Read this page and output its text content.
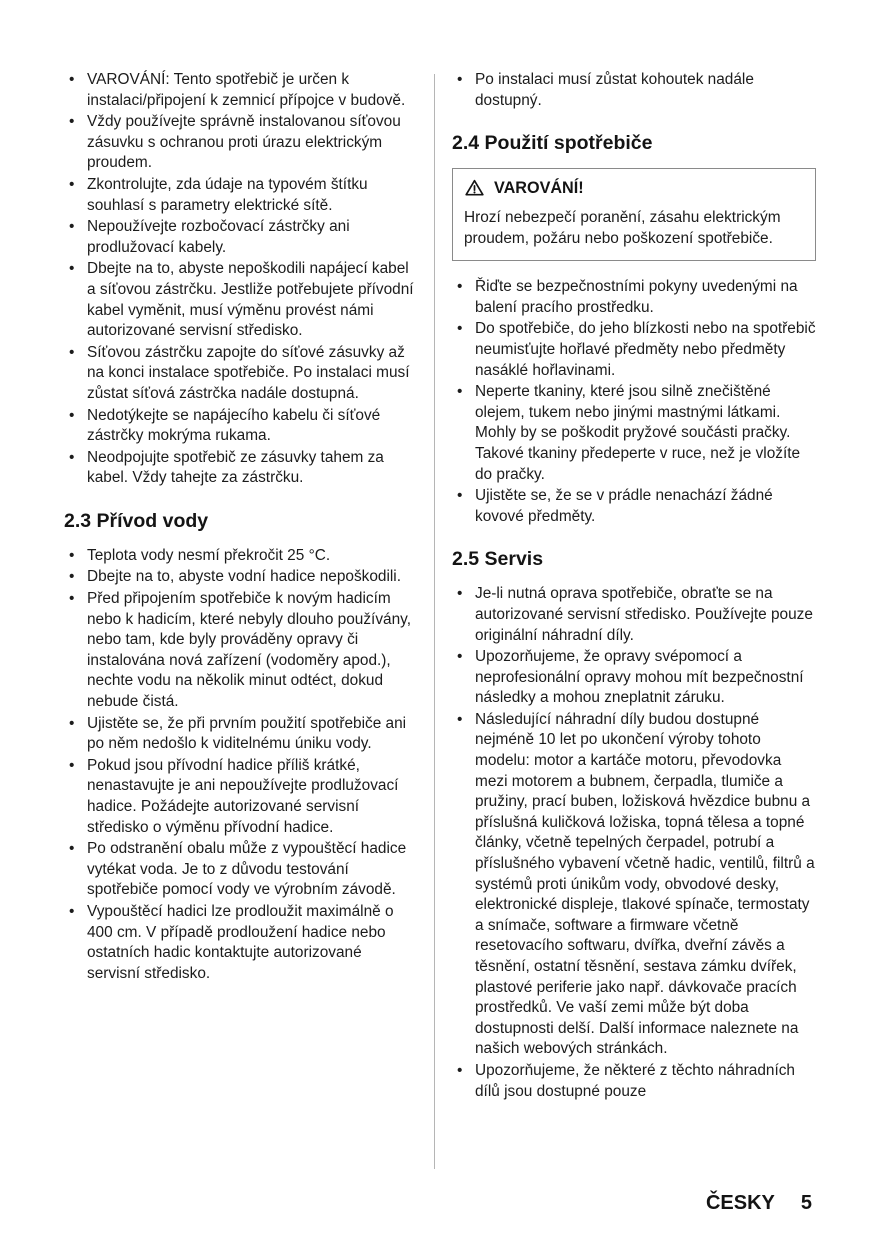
• VAROVÁNÍ: Tento spotřebič je určen k instalaci/připojení k zemnicí přípojce v budově.
• Vždy používejte správně instalovanou síťovou zásuvku s ochranou proti úrazu elektrickým proudem.
• Zkontrolujte, zda údaje na typovém štítku souhlasí s parametry elektrické sítě.
• Nepoužívejte rozbočovací zástrčky ani prodlužovací kabely.
• Dbejte na to, abyste nepoškodili napájecí kabel a síťovou zástrčku. Jestliže potřebujete přívodní kabel vyměnit, musí výměnu provést námi autorizované servisní středisko.
• Síťovou zástrčku zapojte do síťové zásuvky až na konci instalace spotřebiče. Po instalaci musí zůstat síťová zástrčka nadále dostupná.
• Nedotýkejte se napájecího kabelu či síťové zástrčky mokrýma rukama.
• Neodpojujte spotřebič ze zásuvky tahem za kabel. Vždy tahejte za zástrčku.
2.3 Přívod vody
• Teplota vody nesmí překročit 25 °C.
• Dbejte na to, abyste vodní hadice nepoškodili.
• Před připojením spotřebiče k novým hadicím nebo k hadicím, které nebyly dlouho používány, nebo tam, kde byly prováděny opravy či instalována nová zařízení (vodoměry apod.), nechte vodu na několik minut odtéct, dokud nebude čistá.
• Ujistěte se, že při prvním použití spotřebiče ani po něm nedošlo k viditelnému úniku vody.
• Pokud jsou přívodní hadice příliš krátké, nenastavujte je ani nepoužívejte prodlužovací hadice. Požádejte autorizované servisní středisko o výměnu přívodní hadice.
• Po odstranění obalu může z vypouštěcí hadice vytékat voda. Je to z důvodu testování spotřebiče pomocí vody ve výrobním závodě.
• Vypouštěcí hadici lze prodloužit maximálně o 400 cm. V případě prodloužení hadice nebo ostatních hadic kontaktujte autorizované servisní středisko.
• Po instalaci musí zůstat kohoutek nadále dostupný.
2.4 Použití spotřebiče
VAROVÁNÍ!
Hrozí nebezpečí poranění, zásahu elektrickým proudem, požáru nebo poškození spotřebiče.
• Řiďte se bezpečnostními pokyny uvedenými na balení pracího prostředku.
• Do spotřebiče, do jeho blízkosti nebo na spotřebič neumisťujte hořlavé předměty nebo předměty nasáklé hořlavinami.
• Neperte tkaniny, které jsou silně znečištěné olejem, tukem nebo jinými mastnými látkami. Mohly by se poškodit pryžové součásti pračky. Takové tkaniny předeperte v ruce, než je vložíte do pračky.
• Ujistěte se, že se v prádle nenachází žádné kovové předměty.
2.5 Servis
• Je-li nutná oprava spotřebiče, obraťte se na autorizované servisní středisko. Používejte pouze originální náhradní díly.
• Upozorňujeme, že opravy svépomocí a neprofesionální opravy mohou mít bezpečnostní následky a mohou zneplatnit záruku.
• Následující náhradní díly budou dostupné nejméně 10 let po ukončení výroby tohoto modelu: motor a kartáče motoru, převodovka mezi motorem a bubnem, čerpadla, tlumiče a pružiny, prací buben, ložisková hvězdice bubnu a příslušná kuličková ložiska, topná tělesa a topné články, včetně tepelných čerpadel, potrubí a příslušného vybavení včetně hadic, ventilů, filtrů a systémů proti únikům vody, obvodové desky, elektronické displeje, tlakové spínače, termostaty a snímače, software a firmware včetně resetovacího softwaru, dvířka, dveřní závěs a těsnění, ostatní těsnění, sestava zámku dvířek, plastové periferie jako např. dávkovače pracích prostředků. Ve vaší zemi může být doba dostupnosti delší. Další informace naleznete na našich webových stránkách.
• Upozorňujeme, že některé z těchto náhradních dílů jsou dostupné pouze
ČESKY 5
